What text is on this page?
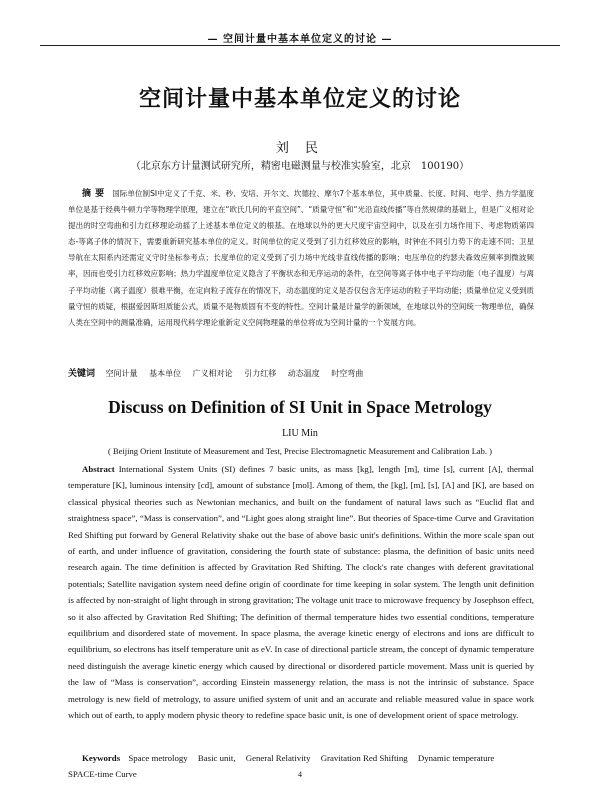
— 空间计量中基本单位定义的讨论 —
空间计量中基本单位定义的讨论
刘 民
（北京东方计量测试研究所，精密电磁测量与校准实验室，北京　100190）
摘要 国际单位制SI中定义了千克、米、秒、安培、开尔文、坎德拉、摩尔7个基本单位，其中质量、长度、时间、电学、热力学温度单位是基于经典牛顿力学等物理学原理，建立在“欧氏几何的平直空间”、“质量守恒”和“光沿直线传播”等自然规律的基础上，但是广义相对论提出的时空弯曲和引力红移理论动摇了上述基本单位定义的根基。在地球以外的更大尺度宇宙空间中，以及在引力场作用下、考虑物质第四态-等离子体的情况下，需要重新研究基本单位的定义。时间单位的定义受到了引力红移效应的影响，时钟在不同引力势下的走速不同；卫星导航在太阳系内还需定义守时坐标参考点；长度单位的定义受到了引力场中光线非直线传播的影响；电压单位的约瑟夫森效应频率到微波频率，因而也受引力红移效应影响；热力学温度单位定义隐含了平衡状态和无序运动的条件，在空间等离子体中电子平均动能（电子温度）与离子平均动能（离子温度）很难平衡，在定向粒子流存在的情况下，动态温度的定义是否仅包含无序运动的粒子平均动能；质量单位定义受到质量守恒的质疑，根据爱因斯坦质能公式，质量不是物质固有不变的特性。空间计量是计量学的新领域，在地球以外的空间统一物理单位，确保人类在空间中的测量准确，运用现代科学理论重新定义空间物理量的单位将成为空间计量的一个发展方向。
关键词 空间计量 基本单位 广义相对论 引力红移 动态温度 时空弯曲
Discuss on Definition of SI Unit in Space Metrology
LIU Min
( Beijing Orient Institute of Measurement and Test, Precise Electromagnetic Measurement and Calibration Lab. )
Abstract International System Units (SI) defines 7 basic units, as mass [kg], length [m], time [s], current [A], thermal temperature [K], luminous intensity [cd], amount of substance [mol]. Among of them, the [kg], [m], [s], [A] and [K], are based on classical physical theories such as Newtonian mechanics, and built on the fundament of natural laws such as “Euclid flat and straightness space”, “Mass is conservation”, and “Light goes along straight line”. But theories of Space-time Curve and Gravitation Red Shifting put forward by General Relativity shake out the base of above basic unit's definitions. Within the more scale span out of earth, and under influence of gravitation, considering the fourth state of substance: plasma, the definition of basic units need research again. The time definition is affected by Gravitation Red Shifting. The clock's rate changes with deferent gravitational potentials; Satellite navigation system need define origin of coordinate for time keeping in solar system. The length unit definition is affected by non-straight of light through in strong gravitation; The voltage unit trace to microwave frequency by Josephson effect, so it also affected by Gravitation Red Shifting; The definition of thermal temperature hides two essential conditions, temperature equilibrium and disordered state of movement. In space plasma, the average kinetic energy of electrons and ions are difficult to equilibrium, so electrons has itself temperature unit as eV. In case of directional particle stream, the concept of dynamic temperature need distinguish the average kinetic energy which caused by directional or disordered particle movement. Mass unit is queried by the law of “Mass is conservation”, according Einstein massenergy relation, the mass is not the intrinsic of substance. Space metrology is new field of metrology, to assure unified system of unit and an accurate and reliable measured value in space work which out of earth, to apply modern physic theory to redefine space basic unit, is one of development orient of space metrology.
Keywords Space metrology Basic unit, General Relativity Gravitation Red Shifting Dynamic temperature SPACE-time Curve	4
